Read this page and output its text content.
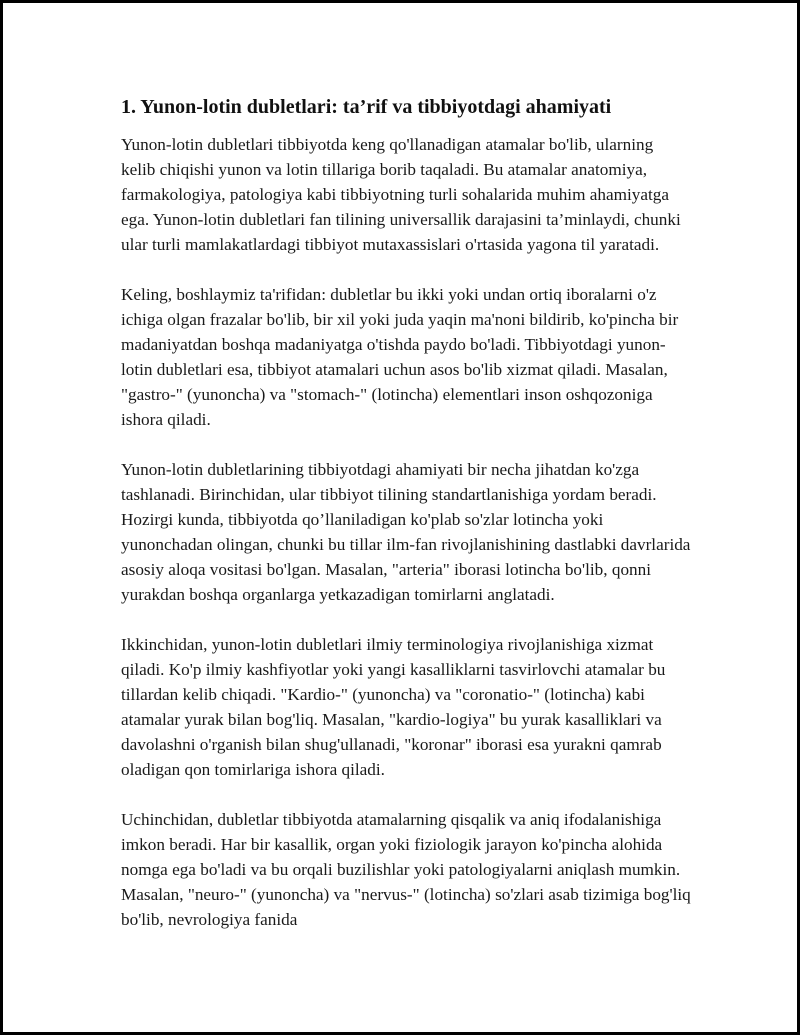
1. Yunon-lotin dubletlari: ta’rif va tibbiyotdagi ahamiyati

Yunon-lotin dubletlari tibbiyotda keng qo'llanadigan atamalar bo'lib, ularning kelib chiqishi yunon va lotin tillariga borib taqaladi. Bu atamalar anatomiya, farmakologiya, patologiya kabi tibbiyotning turli sohalarida muhim ahamiyatga ega. Yunon-lotin dubletlari fan tilining universallik darajasini ta’minlaydi, chunki ular turli mamlakatlardagi tibbiyot mutaxassislari o'rtasida yagona til yaratadi.

Keling, boshlaymiz ta'rifidan: dubletlar bu ikki yoki undan ortiq iboralarni o'z ichiga olgan frazalar bo'lib, bir xil yoki juda yaqin ma'noni bildirib, ko'pincha bir madaniyatdan boshqa madaniyatga o'tishda paydo bo'ladi. Tibbiyotdagi yunon-lotin dubletlari esa, tibbiyot atamalari uchun asos bo'lib xizmat qiladi. Masalan, "gastro-" (yunoncha) va "stomach-" (lotincha) elementlari inson oshqozoniga ishora qiladi.

Yunon-lotin dubletlarining tibbiyotdagi ahamiyati bir necha jihatdan ko'zga tashlanadi. Birinchidan, ular tibbiyot tilining standartlanishiga yordam beradi. Hozirgi kunda, tibbiyotda qo’llaniladigan ko'plab so'zlar lotincha yoki yunonchadan olingan, chunki bu tillar ilm-fan rivojlanishining dastlabki davrlarida asosiy aloqa vositasi bo'lgan. Masalan, "arteria" iborasi lotincha bo'lib, qonni yurakdan boshqa organlarga yetkazadigan tomirlarni anglatadi.

Ikkinchidan, yunon-lotin dubletlari ilmiy terminologiya rivojlanishiga xizmat qiladi. Ko'p ilmiy kashfiyotlar yoki yangi kasalliklarni tasvirlovchi atamalar bu tillardan kelib chiqadi. "Kardio-" (yunoncha) va "coronatio-" (lotincha) kabi atamalar yurak bilan bog'liq. Masalan, "kardio-logiya" bu yurak kasalliklari va davolashni o'rganish bilan shug'ullanadi, "koronar" iborasi esa yurakni qamrab oladigan qon tomirlariga ishora qiladi.

Uchinchidan, dubletlar tibbiyotda atamalarning qisqalik va aniq ifodalanishiga imkon beradi. Har bir kasallik, organ yoki fiziologik jarayon ko'pincha alohida nomga ega bo'ladi va bu orqali buzilishlar yoki patologiyalarni aniqlash mumkin. Masalan, "neuro-" (yunoncha) va "nervus-" (lotincha) so'zlari asab tizimiga bog'liq bo'lib, nevrologiya fanida
